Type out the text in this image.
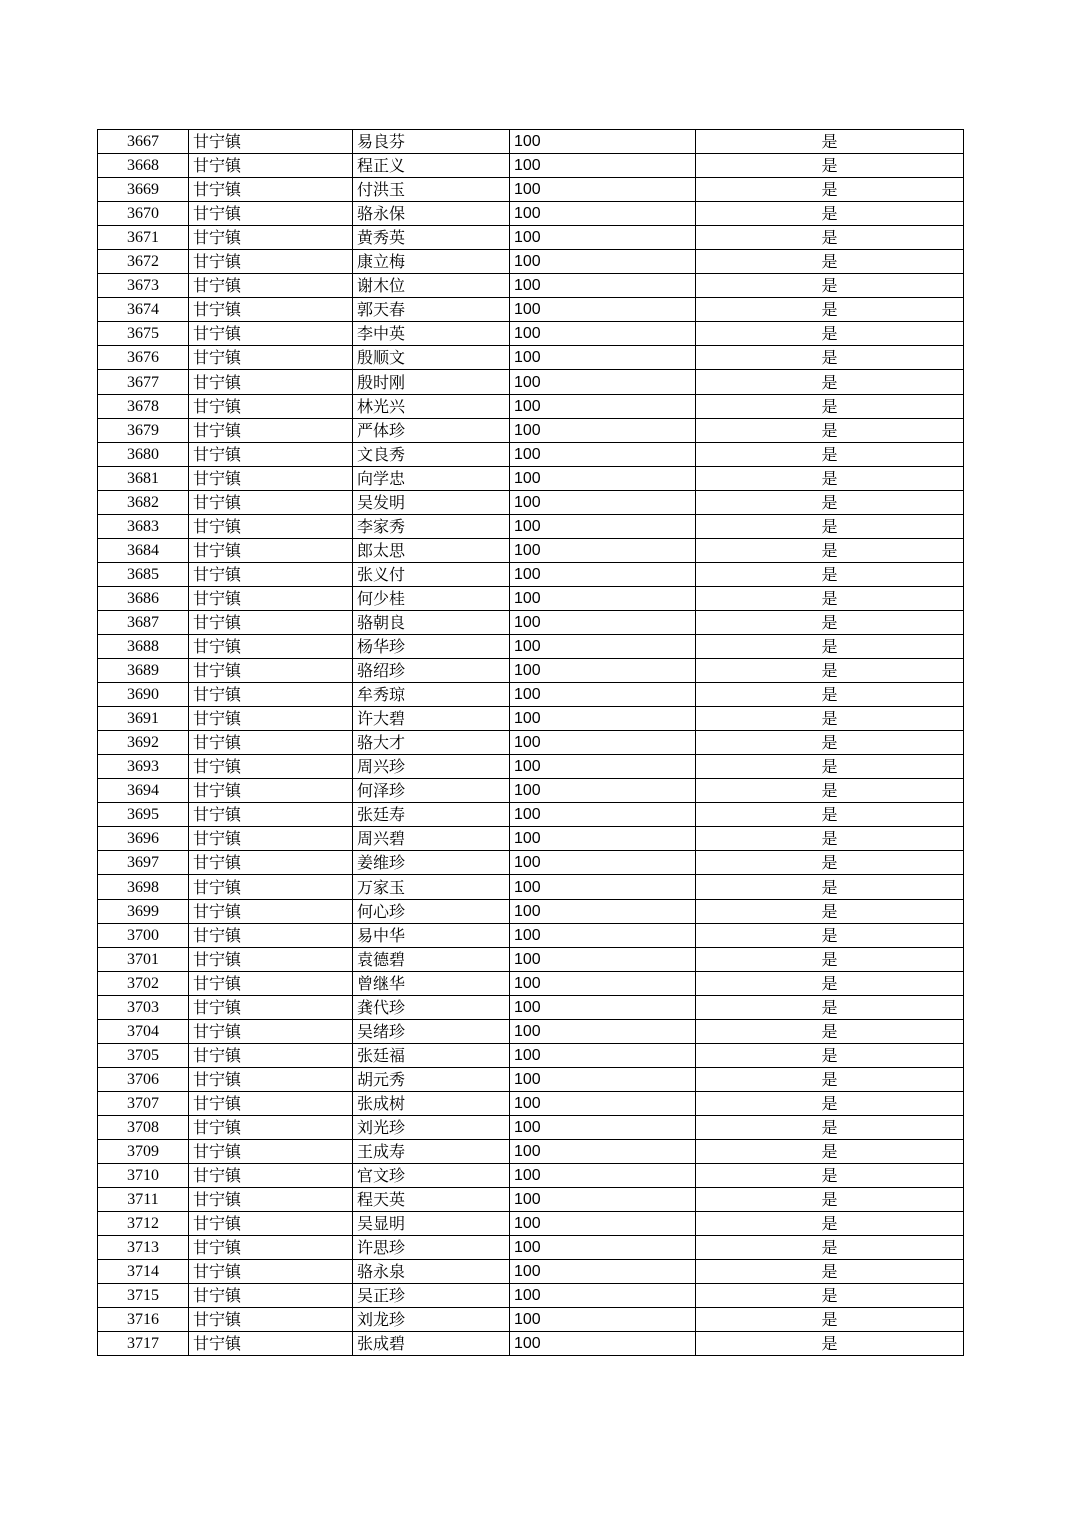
3667	甘宁镇	易良芬	100	是
3668	甘宁镇	程正义	100	是
3669	甘宁镇	付洪玉	100	是
3670	甘宁镇	骆永保	100	是
3671	甘宁镇	黄秀英	100	是
3672	甘宁镇	康立梅	100	是
3673	甘宁镇	谢木位	100	是
3674	甘宁镇	郭天春	100	是
3675	甘宁镇	李中英	100	是
3676	甘宁镇	殷顺文	100	是
3677	甘宁镇	殷时刚	100	是
3678	甘宁镇	林光兴	100	是
3679	甘宁镇	严体珍	100	是
3680	甘宁镇	文良秀	100	是
3681	甘宁镇	向学忠	100	是
3682	甘宁镇	吴发明	100	是
3683	甘宁镇	李家秀	100	是
3684	甘宁镇	郎太思	100	是
3685	甘宁镇	张义付	100	是
3686	甘宁镇	何少桂	100	是
3687	甘宁镇	骆朝良	100	是
3688	甘宁镇	杨华珍	100	是
3689	甘宁镇	骆绍珍	100	是
3690	甘宁镇	牟秀琼	100	是
3691	甘宁镇	许大碧	100	是
3692	甘宁镇	骆大才	100	是
3693	甘宁镇	周兴珍	100	是
3694	甘宁镇	何泽珍	100	是
3695	甘宁镇	张廷寿	100	是
3696	甘宁镇	周兴碧	100	是
3697	甘宁镇	姜维珍	100	是
3698	甘宁镇	万家玉	100	是
3699	甘宁镇	何心珍	100	是
3700	甘宁镇	易中华	100	是
3701	甘宁镇	袁德碧	100	是
3702	甘宁镇	曾继华	100	是
3703	甘宁镇	龚代珍	100	是
3704	甘宁镇	吴绪珍	100	是
3705	甘宁镇	张廷福	100	是
3706	甘宁镇	胡元秀	100	是
3707	甘宁镇	张成树	100	是
3708	甘宁镇	刘光珍	100	是
3709	甘宁镇	王成寿	100	是
3710	甘宁镇	官文珍	100	是
3711	甘宁镇	程天英	100	是
3712	甘宁镇	吴显明	100	是
3713	甘宁镇	许思珍	100	是
3714	甘宁镇	骆永泉	100	是
3715	甘宁镇	吴正珍	100	是
3716	甘宁镇	刘龙珍	100	是
3717	甘宁镇	张成碧	100	是
